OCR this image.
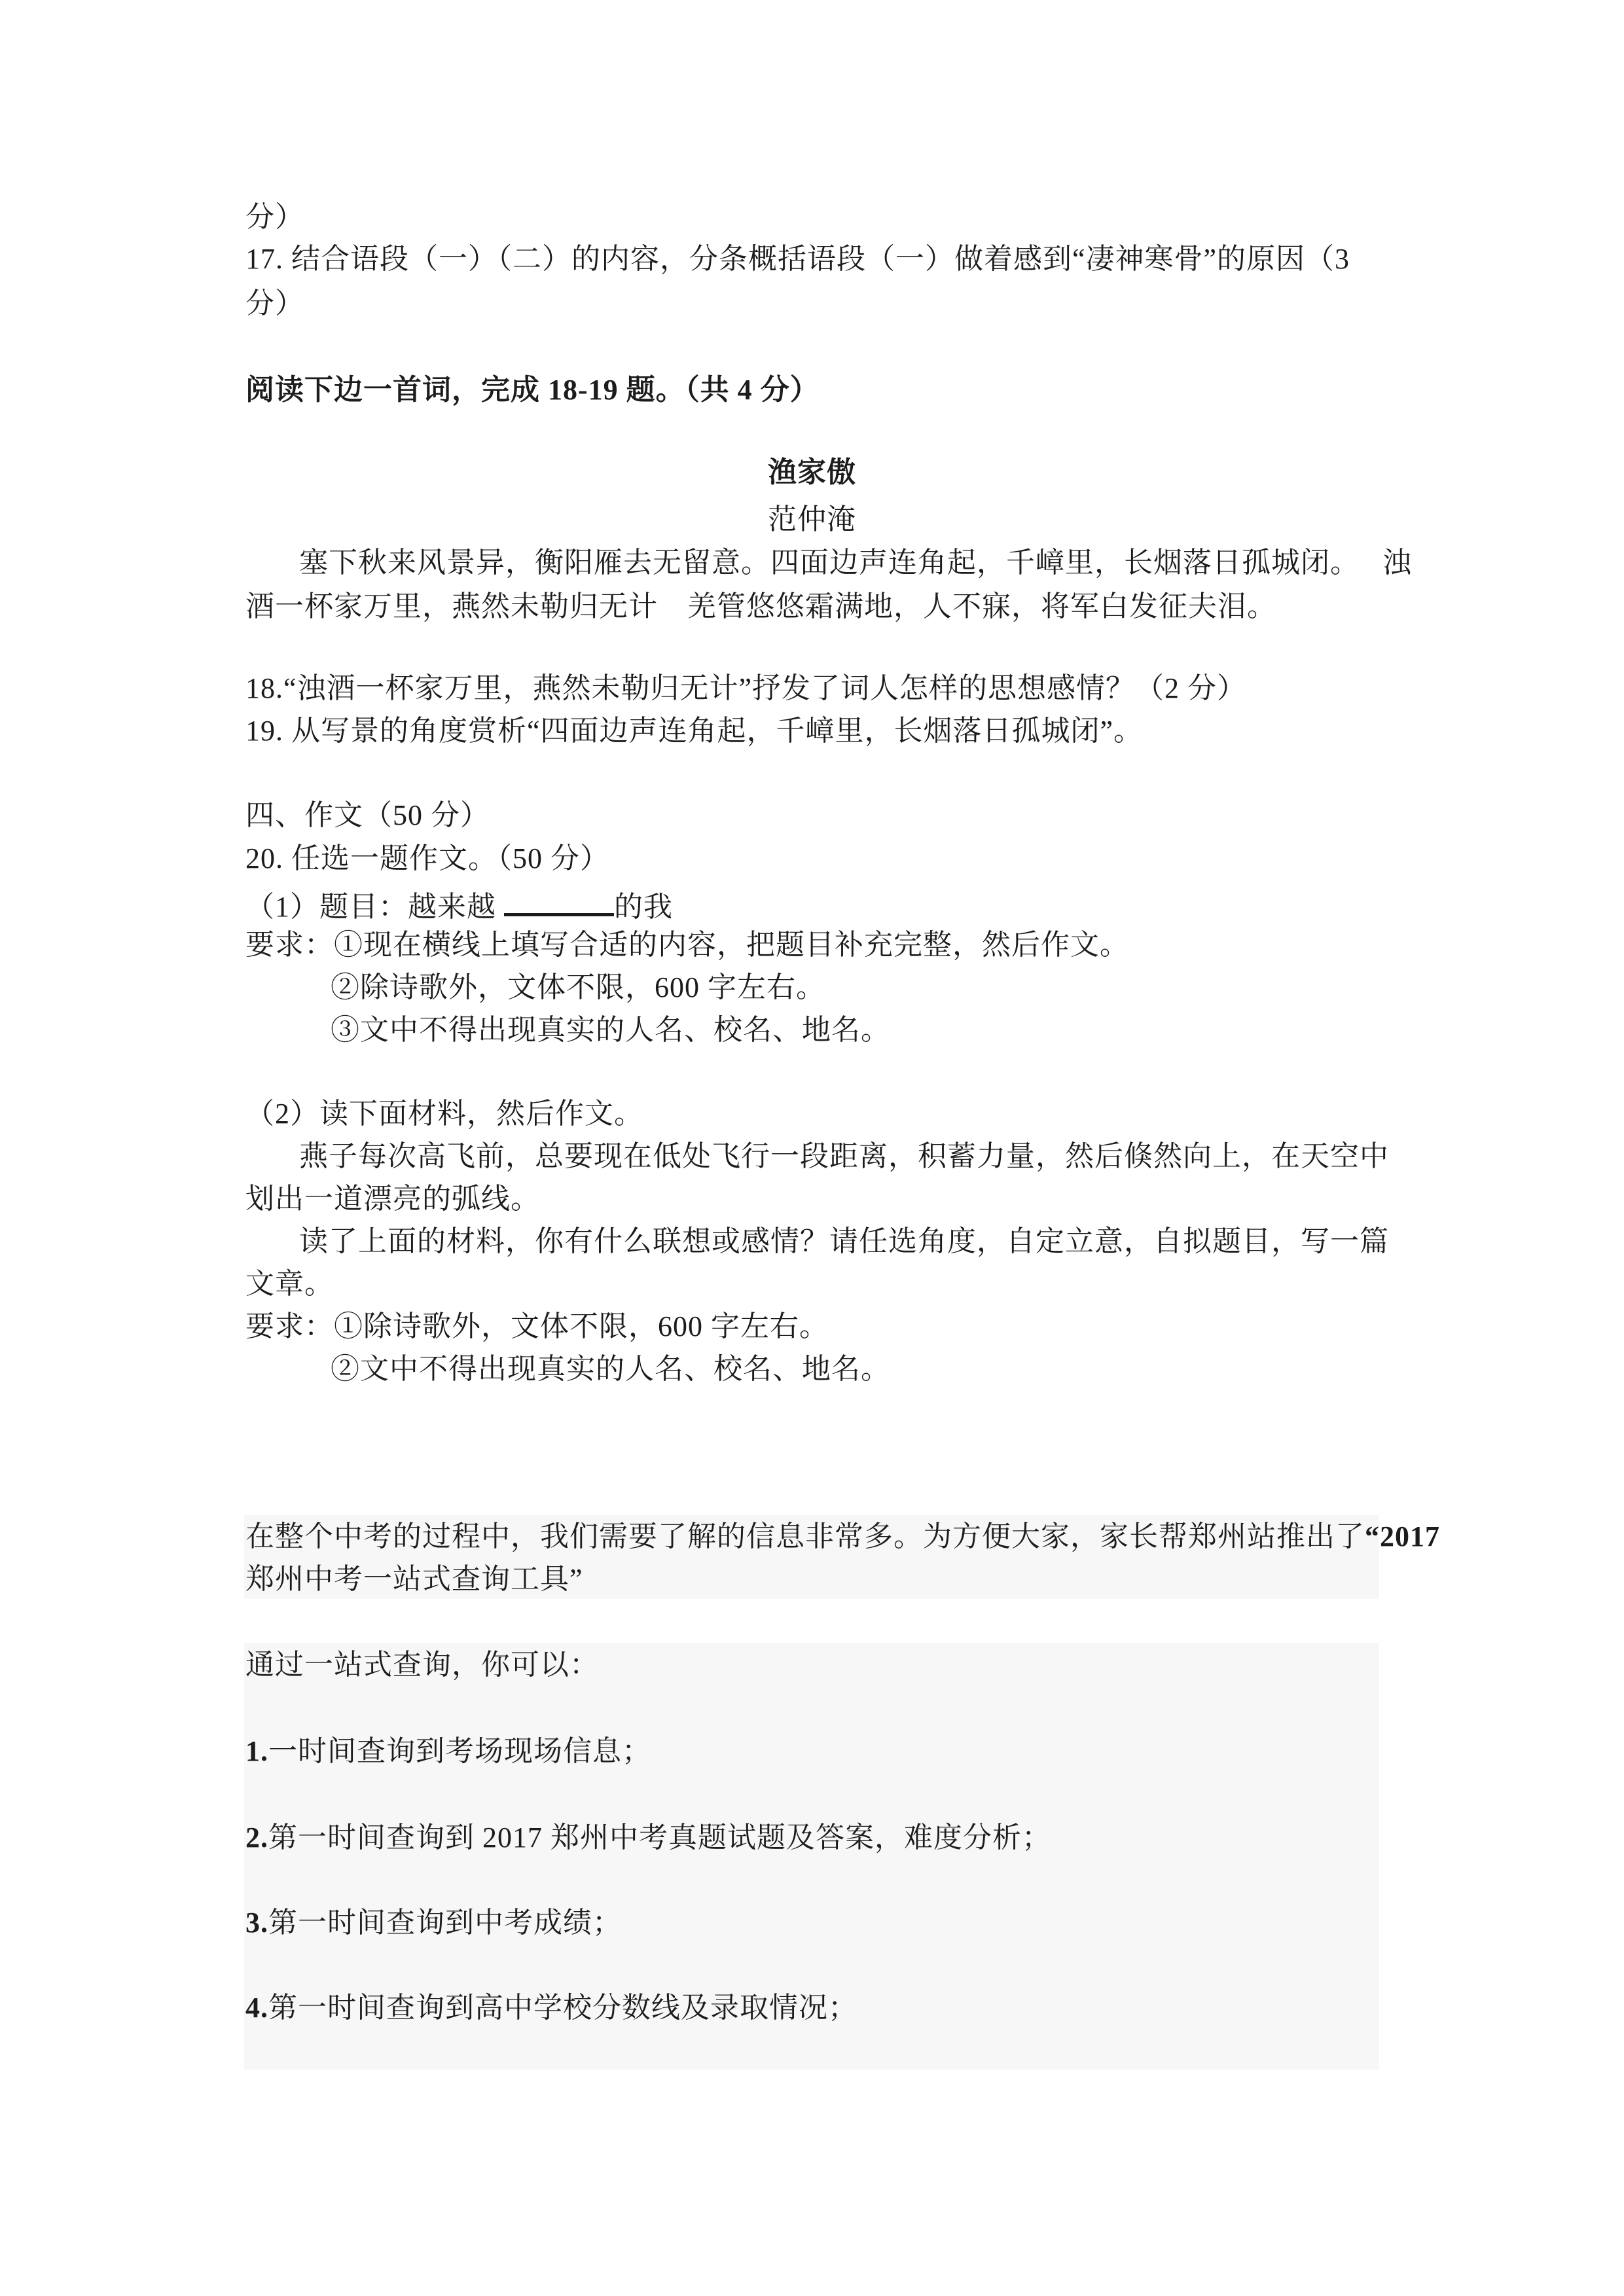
分）
17. 结合语段（一）（二）的内容，分条概括语段（一）做着感到“凄神寒骨”的原因（3
分）
阅读下边一首词，完成 18-19 题。（共 4 分）
渔家傲
范仲淹
塞下秋来风景异，衡阳雁去无留意。四面边声连角起，千嶂里，长烟落日孤城闭。　 浊
酒一杯家万里，燕然未勒归无计　羌管悠悠霜满地，人不寐，将军白发征夫泪。
18.“浊酒一杯家万里，燕然未勒归无计”抒发了词人怎样的思想感情？（2 分）
19. 从写景的角度赏析“四面边声连角起，千嶂里，长烟落日孤城闭”。
四、作文（50 分）
20. 任选一题作文。（50 分）
（1）题目：越来越	的我
要求：①现在横线上填写合适的内容，把题目补充完整，然后作文。
②除诗歌外，文体不限，600 字左右。
③文中不得出现真实的人名、校名、地名。
（2）读下面材料，然后作文。
燕子每次高飞前，总要现在低处飞行一段距离，积蓄力量，然后倏然向上，在天空中
划出一道漂亮的弧线。
读了上面的材料，你有什么联想或感情？请任选角度，自定立意，自拟题目，写一篇
文章。
要求：①除诗歌外，文体不限，600 字左右。
②文中不得出现真实的人名、校名、地名。
在整个中考的过程中，我们需要了解的信息非常多。为方便大家，家长帮郑州站推出了“2017
郑州中考一站式查询工具”
通过一站式查询，你可以：
1.一时间查询到考场现场信息；
2.第一时间查询到 2017 郑州中考真题试题及答案，难度分析；
3.第一时间查询到中考成绩；
4.第一时间查询到高中学校分数线及录取情况；
